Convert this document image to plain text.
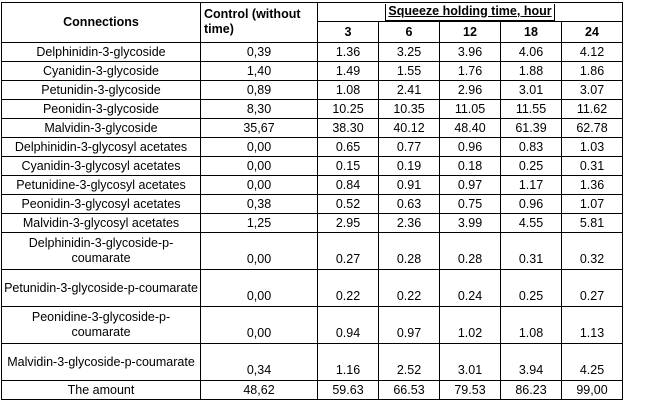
Connections	Control (without time)	Squeeze holding time, hour				
		3	6	12	18	24
Delphinidin-3-glycoside	0,39	1.36	3.25	3.96	4.06	4.12
Cyanidin-3-glycoside	1,40	1.49	1.55	1.76	1.88	1.86
Petunidin-3-glycoside	0,89	1.08	2.41	2.96	3.01	3.07
Peonidin-3-glycoside	8,30	10.25	10.35	11.05	11.55	11.62
Malvidin-3-glycoside	35,67	38.30	40.12	48.40	61.39	62.78
Delphinidin-3-glycosyl acetates	0,00	0.65	0.77	0.96	0.83	1.03
Cyanidin-3-glycosyl acetates	0,00	0.15	0.19	0.18	0.25	0.31
Petunidine-3-glycosyl acetates	0,00	0.84	0.91	0.97	1.17	1.36
Peonidin-3-glycosyl acetates	0,38	0.52	0.63	0.75	0.96	1.07
Malvidin-3-glycosyl acetates	1,25	2.95	2.36	3.99	4.55	5.81
Delphinidin-3-glycoside-p-coumarate	0,00	0.27	0.28	0.28	0.31	0.32
Petunidin-3-glycoside-p-coumarate	0,00	0.22	0.22	0.24	0.25	0.27
Peonidine-3-glycoside-p-coumarate	0,00	0.94	0.97	1.02	1.08	1.13
Malvidin-3-glycoside-p-coumarate	0,34	1.16	2.52	3.01	3.94	4.25
The amount	48,62	59.63	66.53	79.53	86.23	99,00
